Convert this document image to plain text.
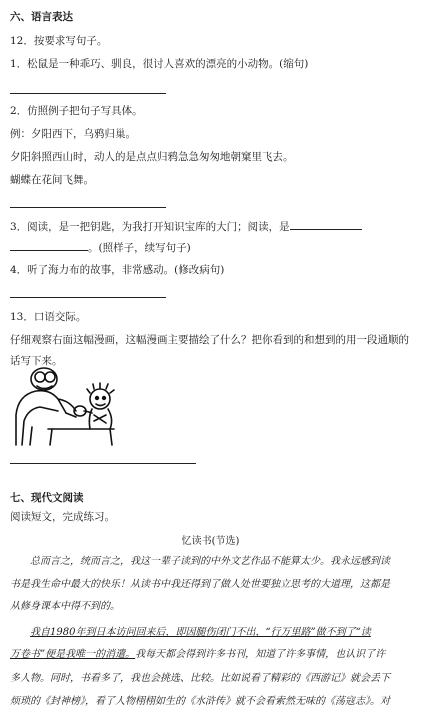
六、语言表达
12．按要求写句子。
1．松鼠是一种乖巧、驯良，很讨人喜欢的漂亮的小动物。(缩句)
2．仿照例子把句子写具体。
例：夕阳西下，乌鸦归巢。
夕阳斜照西山时，动人的是点点归鸦急急匆匆地朝窠里飞去。
蝴蝶在花间飞舞。
3．阅读，是一把钥匙，为我打开知识宝库的大门；阅读，是
。(照样子，续写句子)
4．听了海力布的故事，非常感动。(修改病句)
13．口语交际。
仔细观察右面这幅漫画，这幅漫画主要描绘了什么？把你看到的和想到的用一段通顺的
话写下来。
七、现代文阅读
阅读短文，完成练习。
忆读书(节选)
总而言之，统而言之，我这一辈子读到的中外文艺作品不能算太少。我永远感到读
书是我生命中最大的快乐！从读书中我还得到了做人处世要独立思考的大道理，这都是
从修身课本中得不到的。
我自1980年到日本访问回来后，即因腿伤闭门不出，“行万里路”做不到了“读
万卷书”便是我唯一的消遣。我每天都会得到许多书刊，知道了许多事情，也认识了许
多人物。同时，书看多了，我也会挑选、比较。比如说看了精彩的《西游记》就会丢下
烦琐的《封神榜》，看了人物栩栩如生的《水浒传》就不会看索然无味的《荡寇志》。对
